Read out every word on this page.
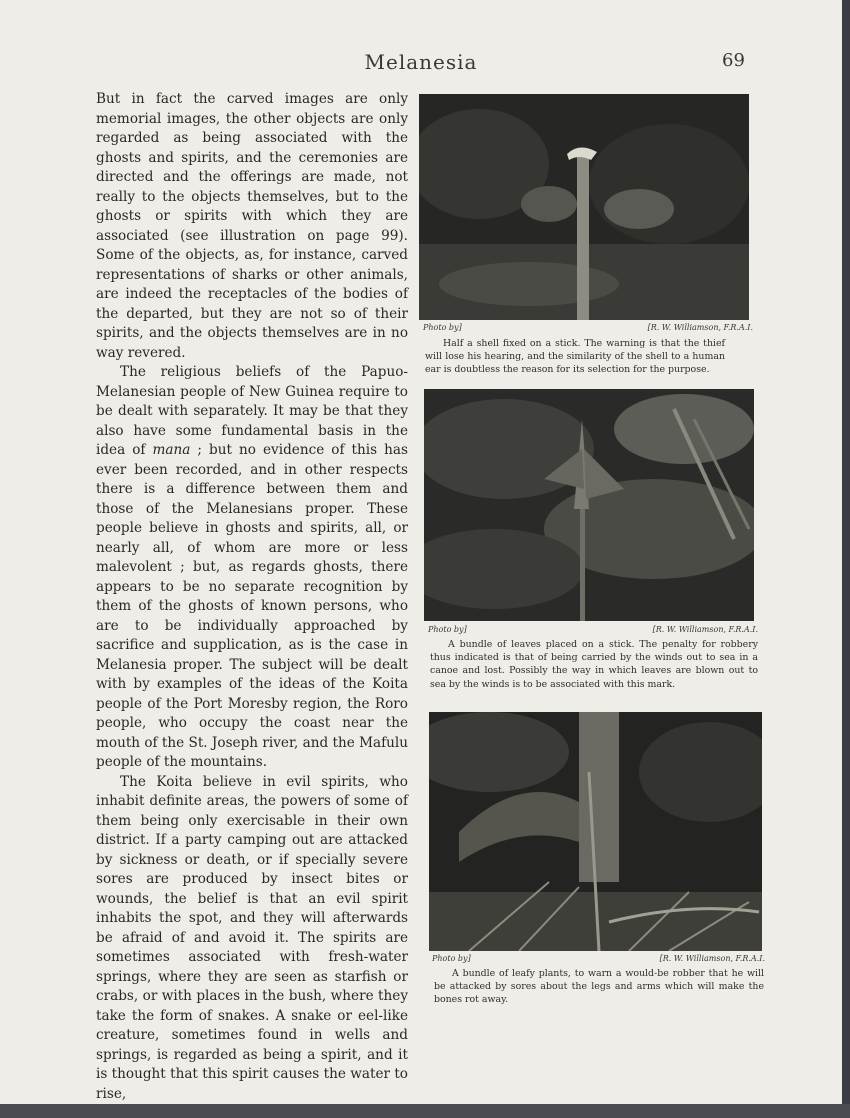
Melanesia	69

But in fact the carved images are only memorial images, the other objects are only regarded as being associated with the ghosts and spirits, and the ceremonies are directed and the offerings are made, not really to the objects themselves, but to the ghosts or spirits with which they are associated (see illustration on page 99). Some of the objects, as, for instance, carved representations of sharks or other animals, are indeed the receptacles of the bodies of the departed, but they are not so of their spirits, and the objects themselves are in no way revered.

The religious beliefs of the Papuo-Melanesian people of New Guinea require to be dealt with separately. It may be that they also have some fundamental basis in the idea of mana ; but no evidence of this has ever been recorded, and in other respects there is a difference between them and those of the Melanesians proper. These people believe in ghosts and spirits, all, or nearly all, of whom are more or less malevolent ; but, as regards ghosts, there appears to be no separate recognition by them of the ghosts of known persons, who are to be individually approached by sacrifice and supplication, as is the case in Melanesia proper. The subject will be dealt with by examples of the ideas of the Koita people of the Port Moresby region, the Roro people, who occupy the coast near the mouth of the St. Joseph river, and the Mafulu people of the mountains.

The Koita believe in evil spirits, who inhabit definite areas, the powers of some of them being only exercisable in their own district. If a party camping out are attacked by sickness or death, or if specially severe sores are produced by insect bites or wounds, the belief is that an evil spirit inhabits the spot, and they will afterwards be afraid of and avoid it. The spirits are sometimes associated with fresh-water springs, where they are seen as starfish or crabs, or with places in the bush, where they take the form of snakes. A snake or eel-like creature, sometimes found in wells and springs, is regarded as being a spirit, and it is thought that this spirit causes the water to rise,

Photo by]	[R. W. Williamson, F.R.A.I.
Half a shell fixed on a stick. The warning is that the thief will lose his hearing, and the similarity of the shell to a human ear is doubtless the reason for its selection for the purpose.
Photo by]	[R. W. Williamson, F.R.A.I.
A bundle of leaves placed on a stick. The penalty for robbery thus indicated is that of being carried by the winds out to sea in a canoe and lost. Possibly the way in which leaves are blown out to sea by the winds is to be associated with this mark.
Photo by]	[R. W. Williamson, F.R.A.I.
A bundle of leafy plants, to warn a would-be robber that he will be attacked by sores about the legs and arms which will make the bones rot away.
